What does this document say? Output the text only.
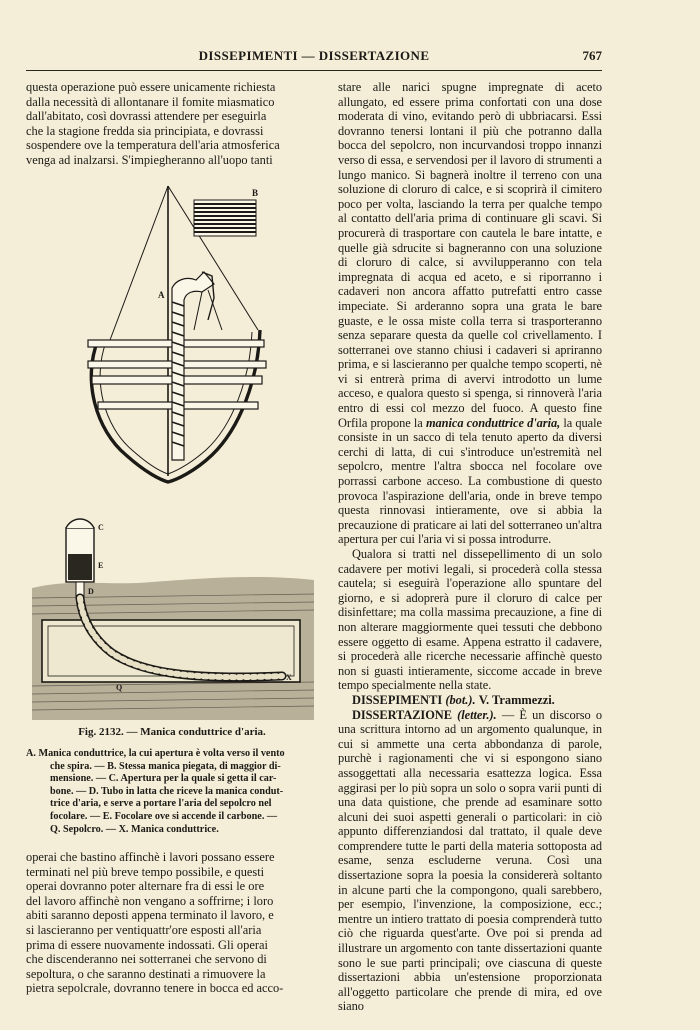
DISSEPIMENTI — DISSERTAZIONE	767

questa operazione può essere unicamente richiesta

dalla necessità di allontanare il fomite miasmatico

dall'abitato, così dovrassi attendere per eseguirla

che la stagione fredda sia principiata, e dovrassi

sospendere ove la temperatura dell'aria atmosferica

venga ad inalzarsi. S'impiegheranno all'uopo tanti

B
A
C
E
D
Q
X
Fig. 2132. — Manica conduttrice d'aria.
A. Manica conduttrice, la cui apertura è volta verso il vento
che spira. — B. Stessa manica piegata, di maggior di-
mensione. — C. Apertura per la quale si getta il car-
bone. — D. Tubo in latta che riceve la manica condut-
trice d'aria, e serve a portare l'aria del sepolcro nel
focolare. — E. Focolare ove si accende il carbone. —
Q. Sepolcro. — X. Manica conduttrice.

operai che bastino affinchè i lavori possano essere

terminati nel più breve tempo possibile, e questi

operai dovranno poter alternare fra di essi le ore

del lavoro affinchè non vengano a soffrirne; i loro

abiti saranno deposti appena terminato il lavoro, e

si lascieranno per ventiquattr'ore esposti all'aria

prima di essere nuovamente indossati. Gli operai

che discenderanno nei sotterranei che servono di

sepoltura, o che saranno destinati a rimuovere la

pietra sepolcrale, dovranno tenere in bocca ed acco-

stare alle narici spugne impregnate di aceto allungato, ed essere prima confortati con una dose moderata di vino, evitando però di ubbriacarsi. Essi dovranno tenersi lontani il più che potranno dalla bocca del sepolcro, non incurvandosi troppo innanzi verso di essa, e servendosi per il lavoro di strumenti a lungo manico. Si bagnerà inoltre il terreno con una soluzione di cloruro di calce, e si scoprirà il cimitero poco per volta, lasciando la terra per qualche tempo al contatto dell'aria prima di continuare gli scavi. Si procurerà di trasportare con cautela le bare intatte, e quelle già sdrucite si bagneranno con una soluzione di cloruro di calce, si avvilupperanno con tela impregnata di acqua ed aceto, e si riporranno i cadaveri non ancora affatto putrefatti entro casse impeciate. Si arderanno sopra una grata le bare guaste, e le ossa miste colla terra si trasporteranno senza separare questa da quelle col crivellamento. I sotterranei ove stanno chiusi i cadaveri si apriranno prima, e si lascieranno per qualche tempo scoperti, nè vi si entrerà prima di avervi introdotto un lume acceso, e qualora questo si spenga, si rinnoverà l'aria entro di essi col mezzo del fuoco. A questo fine Orfila propone la manica conduttrice d'aria, la quale consiste in un sacco di tela tenuto aperto da diversi cerchi di latta, di cui s'introduce un'estremità nel sepolcro, mentre l'altra sbocca nel focolare ove porrassi carbone acceso. La combustione di questo provoca l'aspirazione dell'aria, onde in breve tempo questa rinnovasi intieramente, ove si abbia la precauzione di praticare ai lati del sotterraneo un'altra apertura per cui l'aria vi si possa introdurre.

Qualora si tratti nel dissepellimento di un solo cadavere per motivi legali, si procederà colla stessa cautela; si eseguirà l'operazione allo spuntare del giorno, e si adoprerà pure il cloruro di calce per disinfettare; ma colla massima precauzione, a fine di non alterare maggiormente quei tessuti che debbono essere oggetto di esame. Appena estratto il cadavere, si procederà alle ricerche necessarie affinchè questo non si guasti intieramente, siccome accade in breve tempo specialmente nella state.

DISSEPIMENTI (bot.). V. Trammezzi.

DISSERTAZIONE (letter.). — È un discorso o una scrittura intorno ad un argomento qualunque, in cui si ammette una certa abbondanza di parole, purchè i ragionamenti che vi si espongono siano assoggettati alla necessaria esattezza logica. Essa aggirasi per lo più sopra un solo o sopra varii punti di una data quistione, che prende ad esaminare sotto alcuni dei suoi aspetti generali o particolari: in ciò appunto differenziandosi dal trattato, il quale deve comprendere tutte le parti della materia sottoposta ad esame, senza escluderne veruna. Così una dissertazione sopra la poesia la considererà soltanto in alcune parti che la compongono, quali sarebbero, per esempio, l'invenzione, la composizione, ecc.; mentre un intiero trattato di poesia comprenderà tutto ciò che riguarda quest'arte. Ove poi si prenda ad illustrare un argomento con tante dissertazioni quante sono le sue parti principali; ove ciascuna di queste dissertazioni abbia un'estensione proporzionata all'oggetto particolare che prende di mira, ed ove siano
